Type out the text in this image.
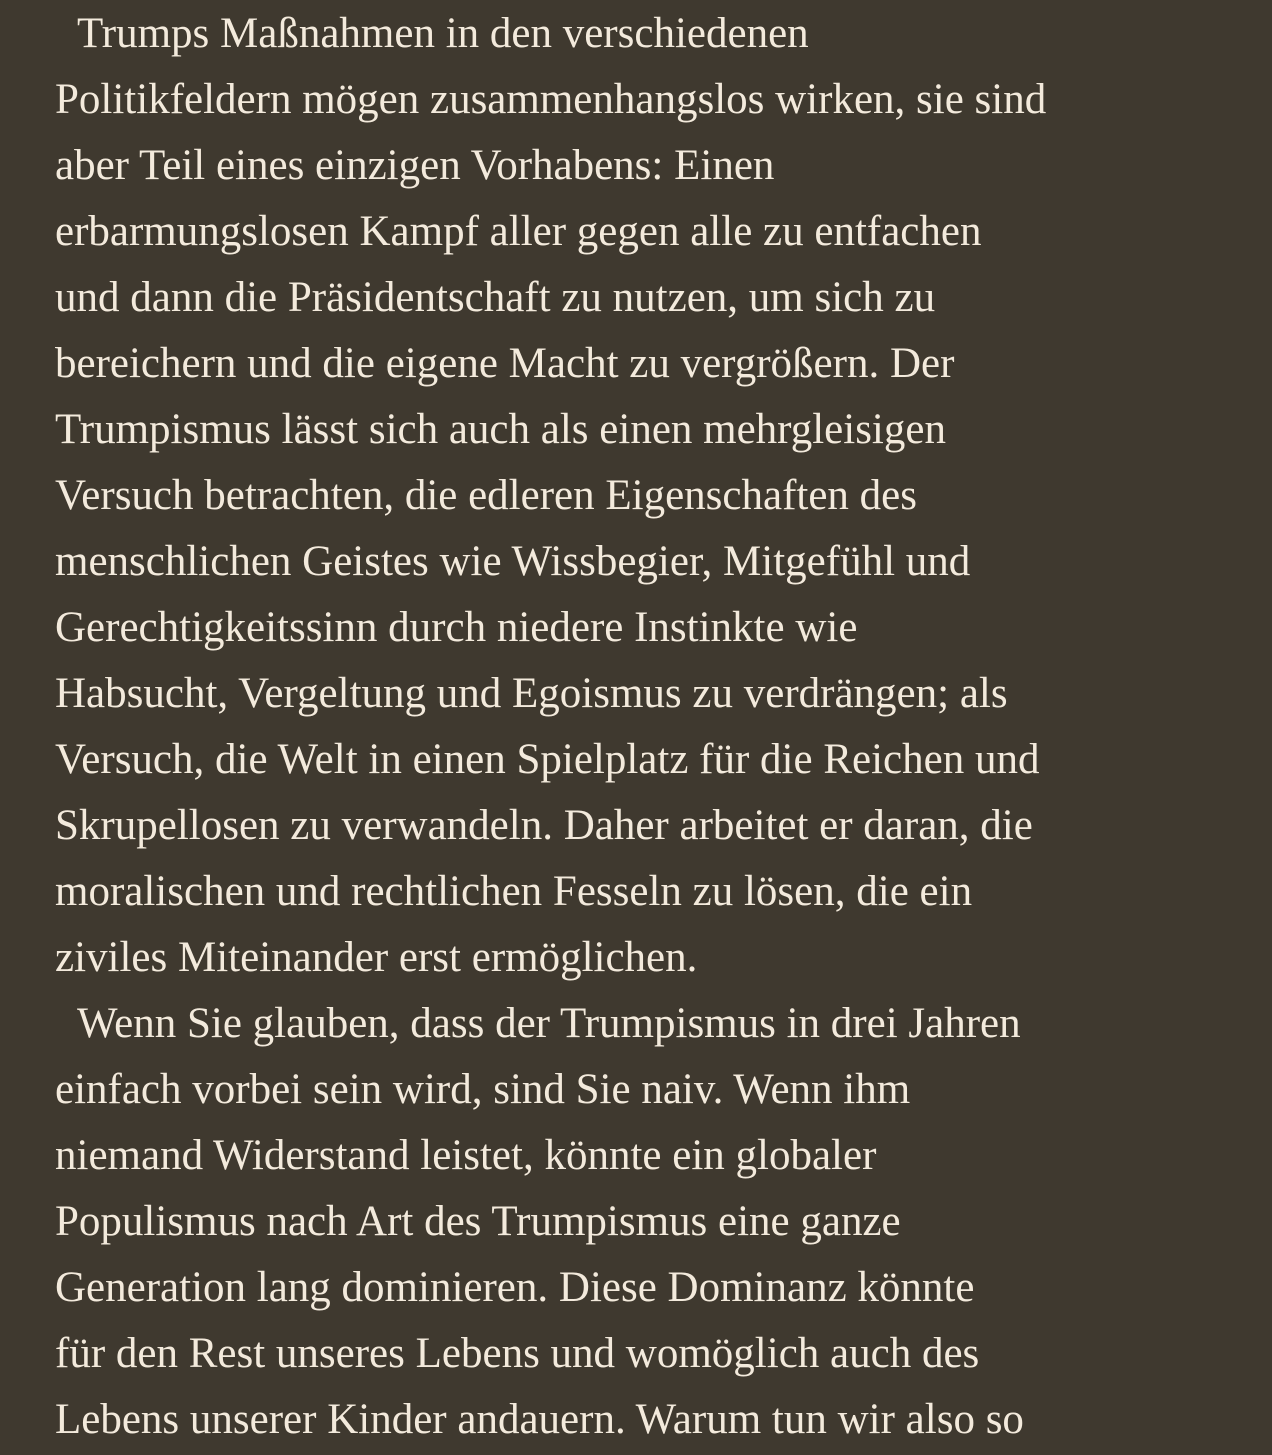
Trumps Maßnahmen in den verschiedenen
Politikfeldern mögen zusammenhangslos wirken, sie sind
aber Teil eines einzigen Vorhabens: Einen
erbarmungslosen Kampf aller gegen alle zu entfachen
und dann die Präsidentschaft zu nutzen, um sich zu
bereichern und die eigene Macht zu vergrößern. Der
Trumpismus lässt sich auch als einen mehrgleisigen
Versuch betrachten, die edleren Eigenschaften des
menschlichen Geistes wie Wissbegier, Mitgefühl und
Gerechtigkeitssinn durch niedere Instinkte wie
Habsucht, Vergeltung und Egoismus zu verdrängen; als
Versuch, die Welt in einen Spielplatz für die Reichen und
Skrupellosen zu verwandeln. Daher arbeitet er daran, die
moralischen und rechtlichen Fesseln zu lösen, die ein
ziviles Miteinander erst ermöglichen.

Wenn Sie glauben, dass der Trumpismus in drei Jahren
einfach vorbei sein wird, sind Sie naiv. Wenn ihm
niemand Widerstand leistet, könnte ein globaler
Populismus nach Art des Trumpismus eine ganze
Generation lang dominieren. Diese Dominanz könnte
für den Rest unseres Lebens und womöglich auch des
Lebens unserer Kinder andauern. Warum tun wir also so
